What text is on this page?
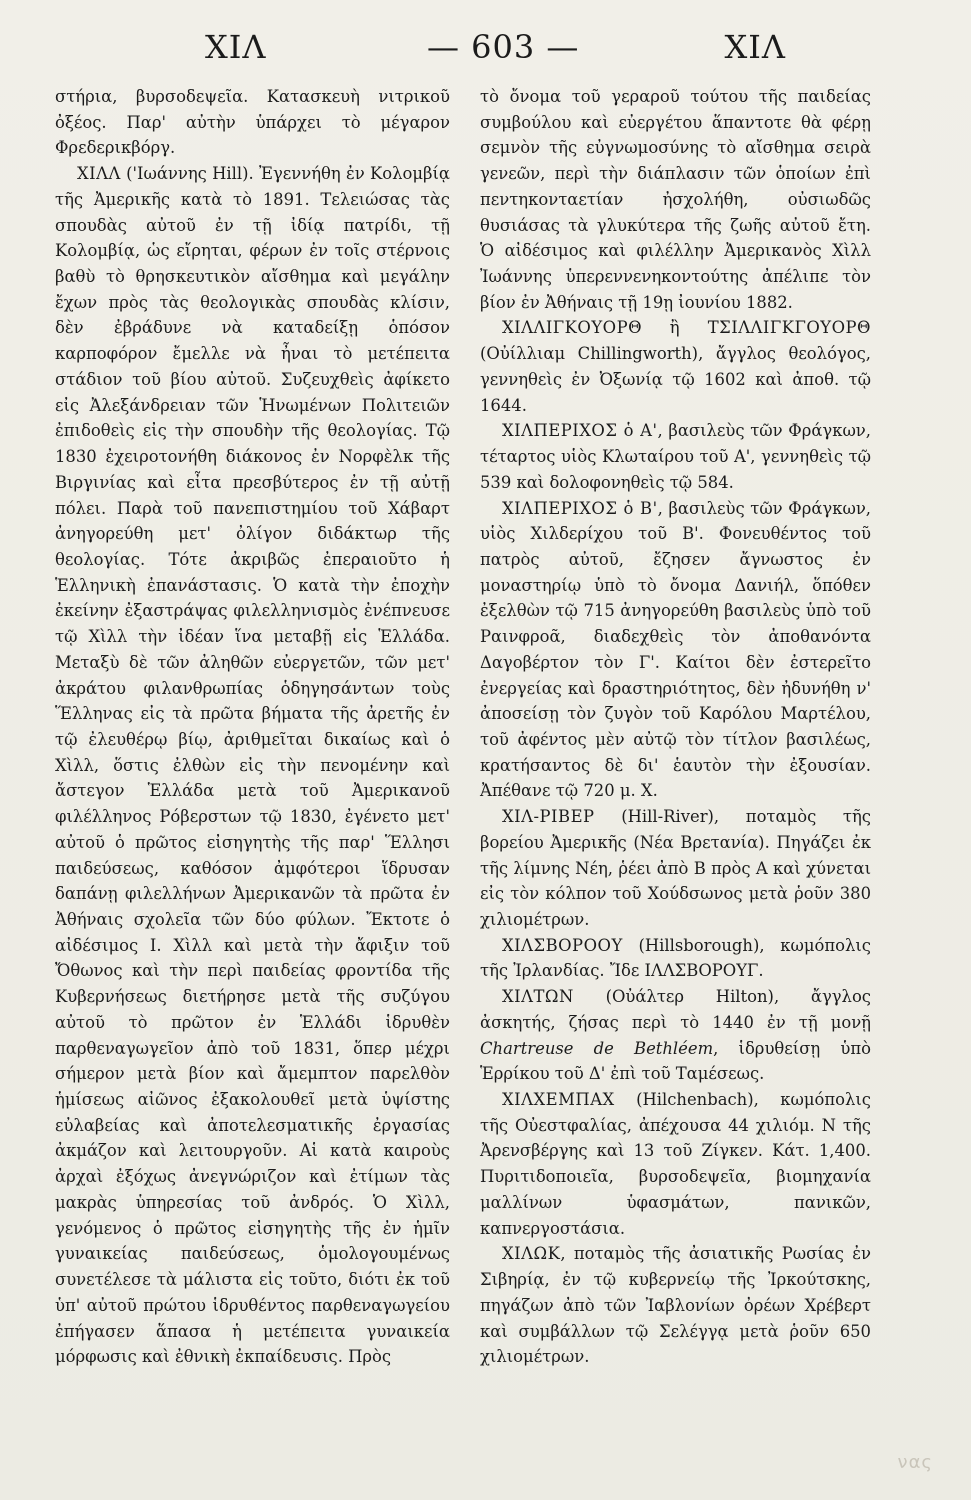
ΧΙΛ	— 603 —	ΧΙΛ

στήρια, βυρσοδεψεῖα. Κατασκευὴ νιτρικοῦ ὀξέος. Παρ' αὐτὴν ὑπάρχει τὸ μέγαρον Φρεδερικβόργ.

ΧΙΛΛ ('Ιωάννης Hill). Ἐγεννήθη ἐν Κολομβίᾳ τῆς Ἀμερικῆς κατὰ τὸ 1891. Τελειώσας τὰς σπουδὰς αὐτοῦ ἐν τῇ ἰδίᾳ πατρίδι, τῇ Κολομβίᾳ, ὡς εἴρηται, φέρων ἐν τοῖς στέρνοις βαθὺ τὸ θρησκευτικὸν αἴσθημα καὶ μεγάλην ἔχων πρὸς τὰς θεολογικὰς σπουδὰς κλίσιν, δὲν ἐβράδυνε νὰ καταδείξῃ ὁπόσον καρποφόρον ἔμελλε νὰ ἦναι τὸ μετέπειτα στάδιον τοῦ βίου αὐτοῦ. Συζευχθεὶς ἀφίκετο εἰς Ἀλεξάνδρειαν τῶν Ἡνωμένων Πολιτειῶν ἐπιδοθεὶς εἰς τὴν σπουδὴν τῆς θεολογίας. Τῷ 1830 ἐχειροτονήθη διάκονος ἐν Νορφὲλκ τῆς Βιργινίας καὶ εἶτα πρεσβύτερος ἐν τῇ αὐτῇ πόλει. Παρὰ τοῦ πανεπιστημίου τοῦ Χάβαρτ ἀνηγορεύθη μετ' ὀλίγον διδάκτωρ τῆς θεολογίας. Τότε ἀκριβῶς ἐπεραιοῦτο ἡ Ἑλληνικὴ ἐπανάστασις. Ὁ κατὰ τὴν ἐποχὴν ἐκείνην ἐξαστράψας φιλελληνισμὸς ἐνέπνευσε τῷ Χὶλλ τὴν ἰδέαν ἵνα μεταβῇ εἰς Ἑλλάδα. Μεταξὺ δὲ τῶν ἀληθῶν εὐεργετῶν, τῶν μετ' ἀκράτου φιλανθρωπίας ὁδηγησάντων τοὺς Ἕλληνας εἰς τὰ πρῶτα βήματα τῆς ἀρετῆς ἐν τῷ ἐλευθέρῳ βίῳ, ἀριθμεῖται δικαίως καὶ ὁ Χὶλλ, ὅστις ἐλθὼν εἰς τὴν πενομένην καὶ ἄστεγον Ἑλλάδα μετὰ τοῦ Ἀμερικανοῦ φιλέλληνος Ρόβερστων τῷ 1830, ἐγένετο μετ' αὐτοῦ ὁ πρῶτος εἰσηγητὴς τῆς παρ' Ἕλλησι παιδεύσεως, καθόσον ἀμφότεροι ἵδρυσαν δαπάνῃ φιλελλήνων Ἀμερικανῶν τὰ πρῶτα ἐν Ἀθήναις σχολεῖα τῶν δύο φύλων. Ἔκτοτε ὁ αἰδέσιμος Ι. Χὶλλ καὶ μετὰ τὴν ἄφιξιν τοῦ Ὄθωνος καὶ τὴν περὶ παιδείας φροντίδα τῆς Κυβερνήσεως διετήρησε μετὰ τῆς συζύγου αὐτοῦ τὸ πρῶτον ἐν Ἑλλάδι ἱδρυθὲν παρθεναγωγεῖον ἀπὸ τοῦ 1831, ὅπερ μέχρι σήμερον μετὰ βίον καὶ ἄμεμπτον παρελθὸν ἡμίσεως αἰῶνος ἐξακολουθεῖ μετὰ ὑψίστης εὐλαβείας καὶ ἀποτελεσματικῆς ἐργασίας ἀκμάζον καὶ λειτουργοῦν. Αἱ κατὰ καιροὺς ἀρχαὶ ἐξόχως ἀνεγνώριζον καὶ ἐτίμων τὰς μακρὰς ὑπηρεσίας τοῦ ἀνδρός. Ὁ Χὶλλ, γενόμενος ὁ πρῶτος εἰσηγητὴς τῆς ἐν ἡμῖν γυναικείας παιδεύσεως, ὁμολογουμένως συνετέλεσε τὰ μάλιστα εἰς τοῦτο, διότι ἐκ τοῦ ὑπ' αὐτοῦ πρώτου ἱδρυθέντος παρθεναγωγείου ἐπήγασεν ἅπασα ἡ μετέπειτα γυναικεία μόρφωσις καὶ ἐθνικὴ ἐκπαίδευσις. Πρὸς

τὸ ὄνομα τοῦ γεραροῦ τούτου τῆς παιδείας συμβούλου καὶ εὐεργέτου ἅπαντοτε θὰ φέρῃ σεμνὸν τῆς εὐγνωμοσύνης τὸ αἴσθημα σειρὰ γενεῶν, περὶ τὴν διάπλασιν τῶν ὁποίων ἐπὶ πεντηκονταετίαν ἠσχολήθη, οὐσιωδῶς θυσιάσας τὰ γλυκύτερα τῆς ζωῆς αὐτοῦ ἔτη. Ὁ αἰδέσιμος καὶ φιλέλλην Ἀμερικανὸς Χὶλλ Ἰωάννης ὑπερεννενηκοντούτης ἀπέλιπε τὸν βίον ἐν Ἀθήναις τῇ 19ῃ ἰουνίου 1882.

ΧΙΛΛΙΓΚΟΥΟΡΘ ἢ ΤΣΙΛΛΙΓΚΓΟΥΟΡΘ (Οὐίλλιαμ Chillingworth), ἄγγλος θεολόγος, γεννηθεὶς ἐν Ὀξωνίᾳ τῷ 1602 καὶ ἀποθ. τῷ 1644.

ΧΙΛΠΕΡΙΧΟΣ ὁ Α', βασιλεὺς τῶν Φράγκων, τέταρτος υἱὸς Κλωταίρου τοῦ Α', γεννηθεὶς τῷ 539 καὶ δολοφονηθεὶς τῷ 584.

ΧΙΛΠΕΡΙΧΟΣ ὁ Β', βασιλεὺς τῶν Φράγκων, υἱὸς Χιλδερίχου τοῦ Β'. Φονευθέντος τοῦ πατρὸς αὐτοῦ, ἔζησεν ἄγνωστος ἐν μοναστηρίῳ ὑπὸ τὸ ὄνομα Δανιήλ, ὅπόθεν ἐξελθὼν τῷ 715 ἀνηγορεύθη βασιλεὺς ὑπὸ τοῦ Ραινφροᾶ, διαδεχθεὶς τὸν ἀποθανόντα Δαγοβέρτον τὸν Γ'. Καίτοι δὲν ἐστερεῖτο ἐνεργείας καὶ δραστηριότητος, δὲν ἠδυνήθη ν' ἀποσείσῃ τὸν ζυγὸν τοῦ Καρόλου Μαρτέλου, τοῦ ἀφέντος μὲν αὐτῷ τὸν τίτλον βασιλέως, κρατήσαντος δὲ δι' ἑαυτὸν τὴν ἐξουσίαν. Ἀπέθανε τῷ 720 μ. Χ.

ΧΙΛ-ΡΙΒΕΡ (Hill-River), ποταμὸς τῆς βορείου Ἀμερικῆς (Νέα Βρετανία). Πηγάζει ἐκ τῆς λίμνης Νέη, ῥέει ἀπὸ Β πρὸς Α καὶ χύνεται εἰς τὸν κόλπον τοῦ Χούδσωνος μετὰ ῥοῦν 380 χιλιομέτρων.

ΧΙΛΣΒΟΡΟΟΥ (Hillsborough), κωμόπολις τῆς Ἰρλανδίας. Ἴδε ΙΛΛΣΒΟΡΟΥΓ.

ΧΙΛΤΩΝ (Οὐάλτερ Hilton), ἄγγλος ἀσκητής, ζήσας περὶ τὸ 1440 ἐν τῇ μονῇ Chartreuse de Bethléem, ἱδρυθείσῃ ὑπὸ Ἑρρίκου τοῦ Δ' ἐπὶ τοῦ Ταμέσεως.

ΧΙΛΧΕΜΠΑΧ (Hilchenbach), κωμόπολις τῆς Οὐεστφαλίας, ἀπέχουσα 44 χιλιόμ. Ν τῆς Ἀρενσβέργης καὶ 13 τοῦ Ζίγκεν. Κάτ. 1,400. Πυριτιδοποιεῖα, βυρσοδεψεῖα, βιομηχανία μαλλίνων ὑφασμάτων, πανικῶν, καπνεργοστάσια.

ΧΙΛΩΚ, ποταμὸς τῆς ἀσιατικῆς Ρωσίας ἐν Σιβηρίᾳ, ἐν τῷ κυβερνείῳ τῆς Ἰρκούτσκης, πηγάζων ἀπὸ τῶν Ἰαβλονίων ὀρέων Χρέβερτ καὶ συμβάλλων τῷ Σελέγγᾳ μετὰ ῥοῦν 650 χιλιομέτρων.

νας
